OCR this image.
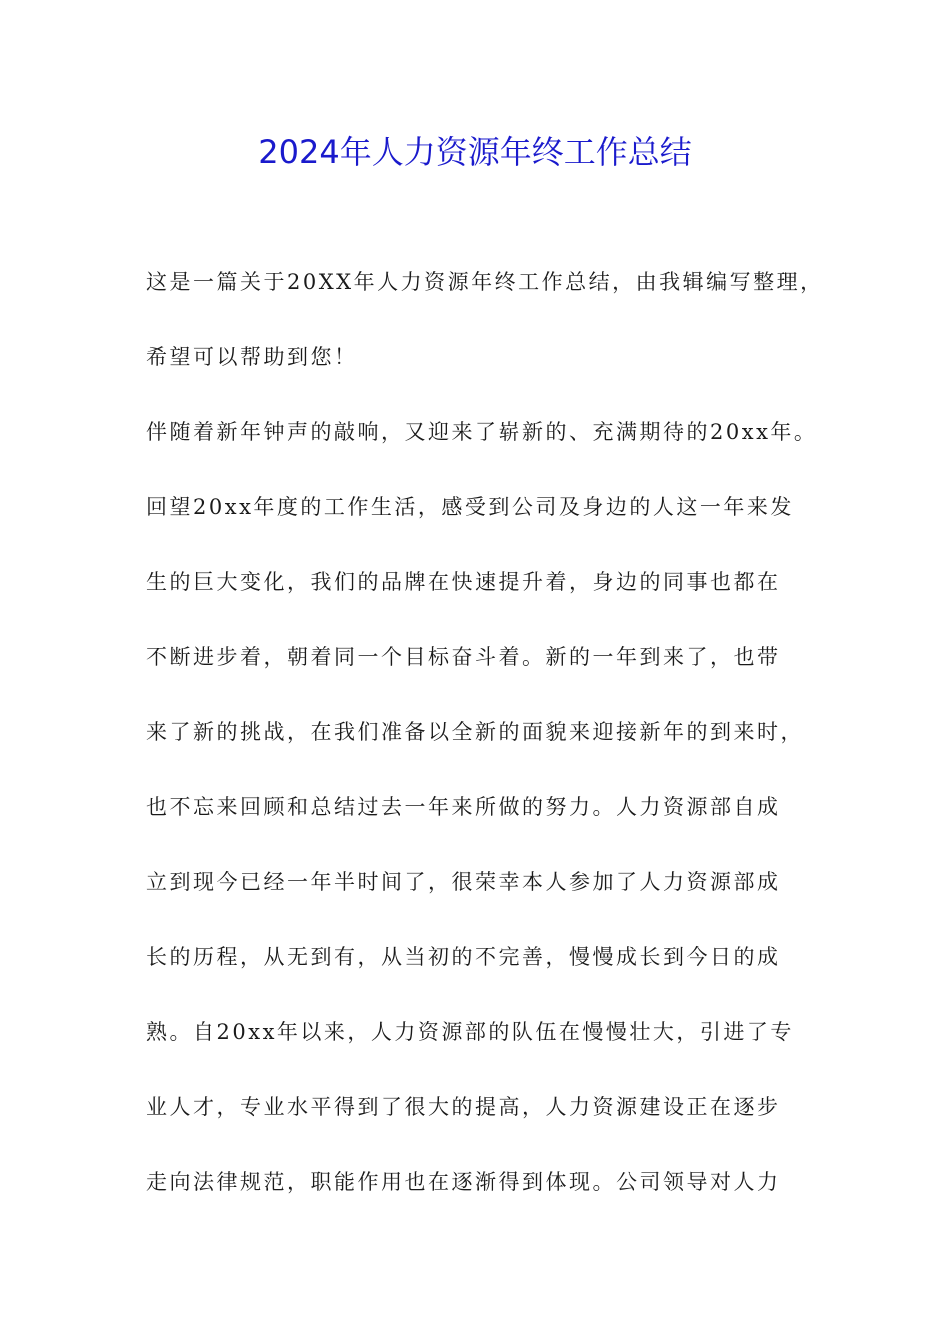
2024年人力资源年终工作总结
这是一篇关于20XX年人力资源年终工作总结，由我辑编写整理，
希望可以帮助到您！
伴随着新年钟声的敲响，又迎来了崭新的、充满期待的20xx年。
回望20xx年度的工作生活，感受到公司及身边的人这一年来发
生的巨大变化，我们的品牌在快速提升着，身边的同事也都在
不断进步着，朝着同一个目标奋斗着。新的一年到来了，也带
来了新的挑战，在我们准备以全新的面貌来迎接新年的到来时，
也不忘来回顾和总结过去一年来所做的努力。人力资源部自成
立到现今已经一年半时间了，很荣幸本人参加了人力资源部成
长的历程，从无到有，从当初的不完善，慢慢成长到今日的成
熟。自20xx年以来，人力资源部的队伍在慢慢壮大，引进了专
业人才，专业水平得到了很大的提高，人力资源建设正在逐步
走向法律规范，职能作用也在逐渐得到体现。公司领导对人力
